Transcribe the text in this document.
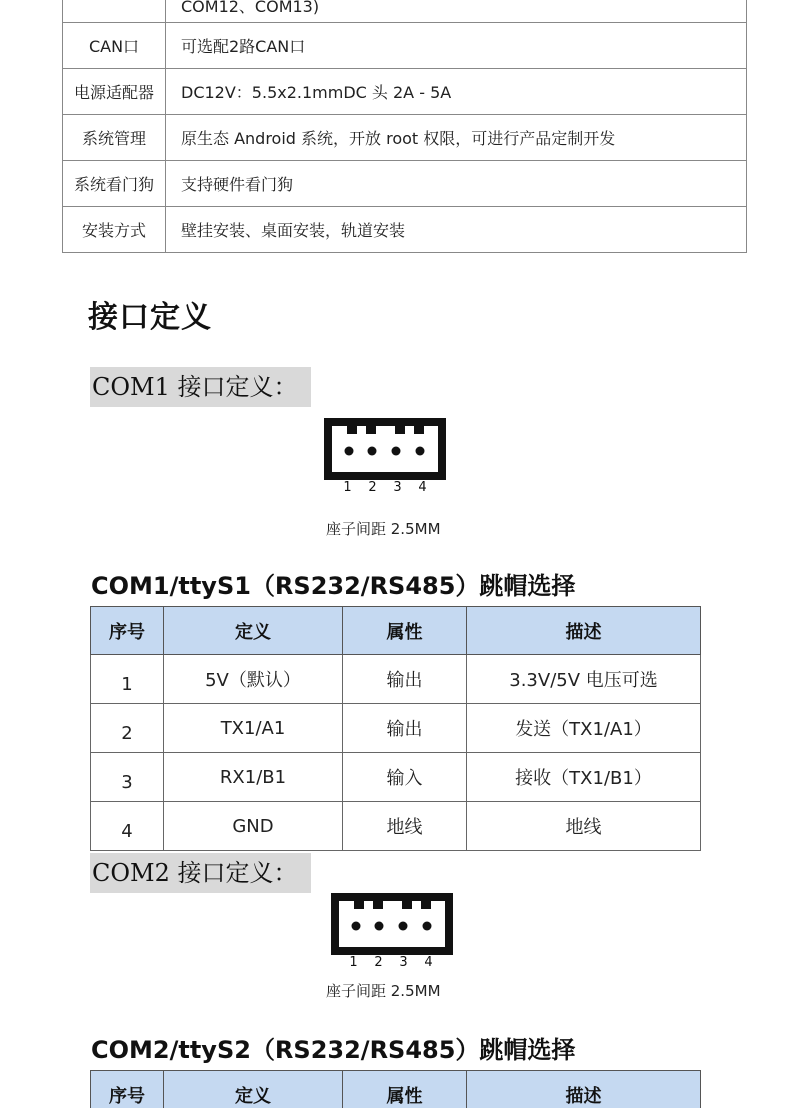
	COM12、COM13)
CAN口	可选配2路CAN口
电源适配器	DC12V：5.5x2.1mmDC 头 2A - 5A
系统管理	原生态 Android 系统，开放 root 权限，可进行产品定制开发
系统看门狗	支持硬件看门狗
安装方式	壁挂安装、桌面安装，轨道安装
接口定义
COM1 接口定义：
1 2 3 4
座子间距 2.5MM
COM1/ttyS1（RS232/RS485）跳帽选择
序号	定义	属性	描述
1	5V（默认）	输出	3.3V/5V 电压可选
2	TX1/A1	输出	发送（TX1/A1）
3	RX1/B1	输入	接收（TX1/B1）
4	GND	地线	地线
COM2 接口定义：
1 2 3 4
座子间距 2.5MM
COM2/ttyS2（RS232/RS485）跳帽选择
序号	定义	属性	描述
